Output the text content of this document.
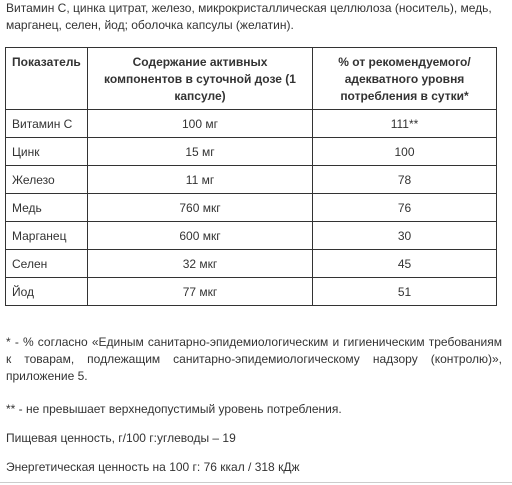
Витамин С, цинка цитрат, железо, микрокристаллическая целлюлоза (носитель), медь, марганец, селен, йод; оболочка капсулы (желатин).

Показатель	Содержание активных компонентов в суточной дозе (1 капсуле)	% от рекомендуемого/ адекватного уровня потребления в сутки*
Витамин С	100 мг	111**
Цинк	15 мг	100
Железо	11 мг	78
Медь	760 мкг	76
Марганец	600 мкг	30
Селен	32 мкг	45
Йод	77 мкг	51

* - % согласно «Единым санитарно-эпидемиологическим и гигиеническим требованиям к товарам, подлежащим санитарно-эпидемиологическому надзору (контролю)», приложение 5.

** - не превышает верхнедопустимый уровень потребления.

Пищевая ценность, г/100 г:углеводы – 19

Энергетическая ценность на 100 г: 76 ккал / 318 кДж
